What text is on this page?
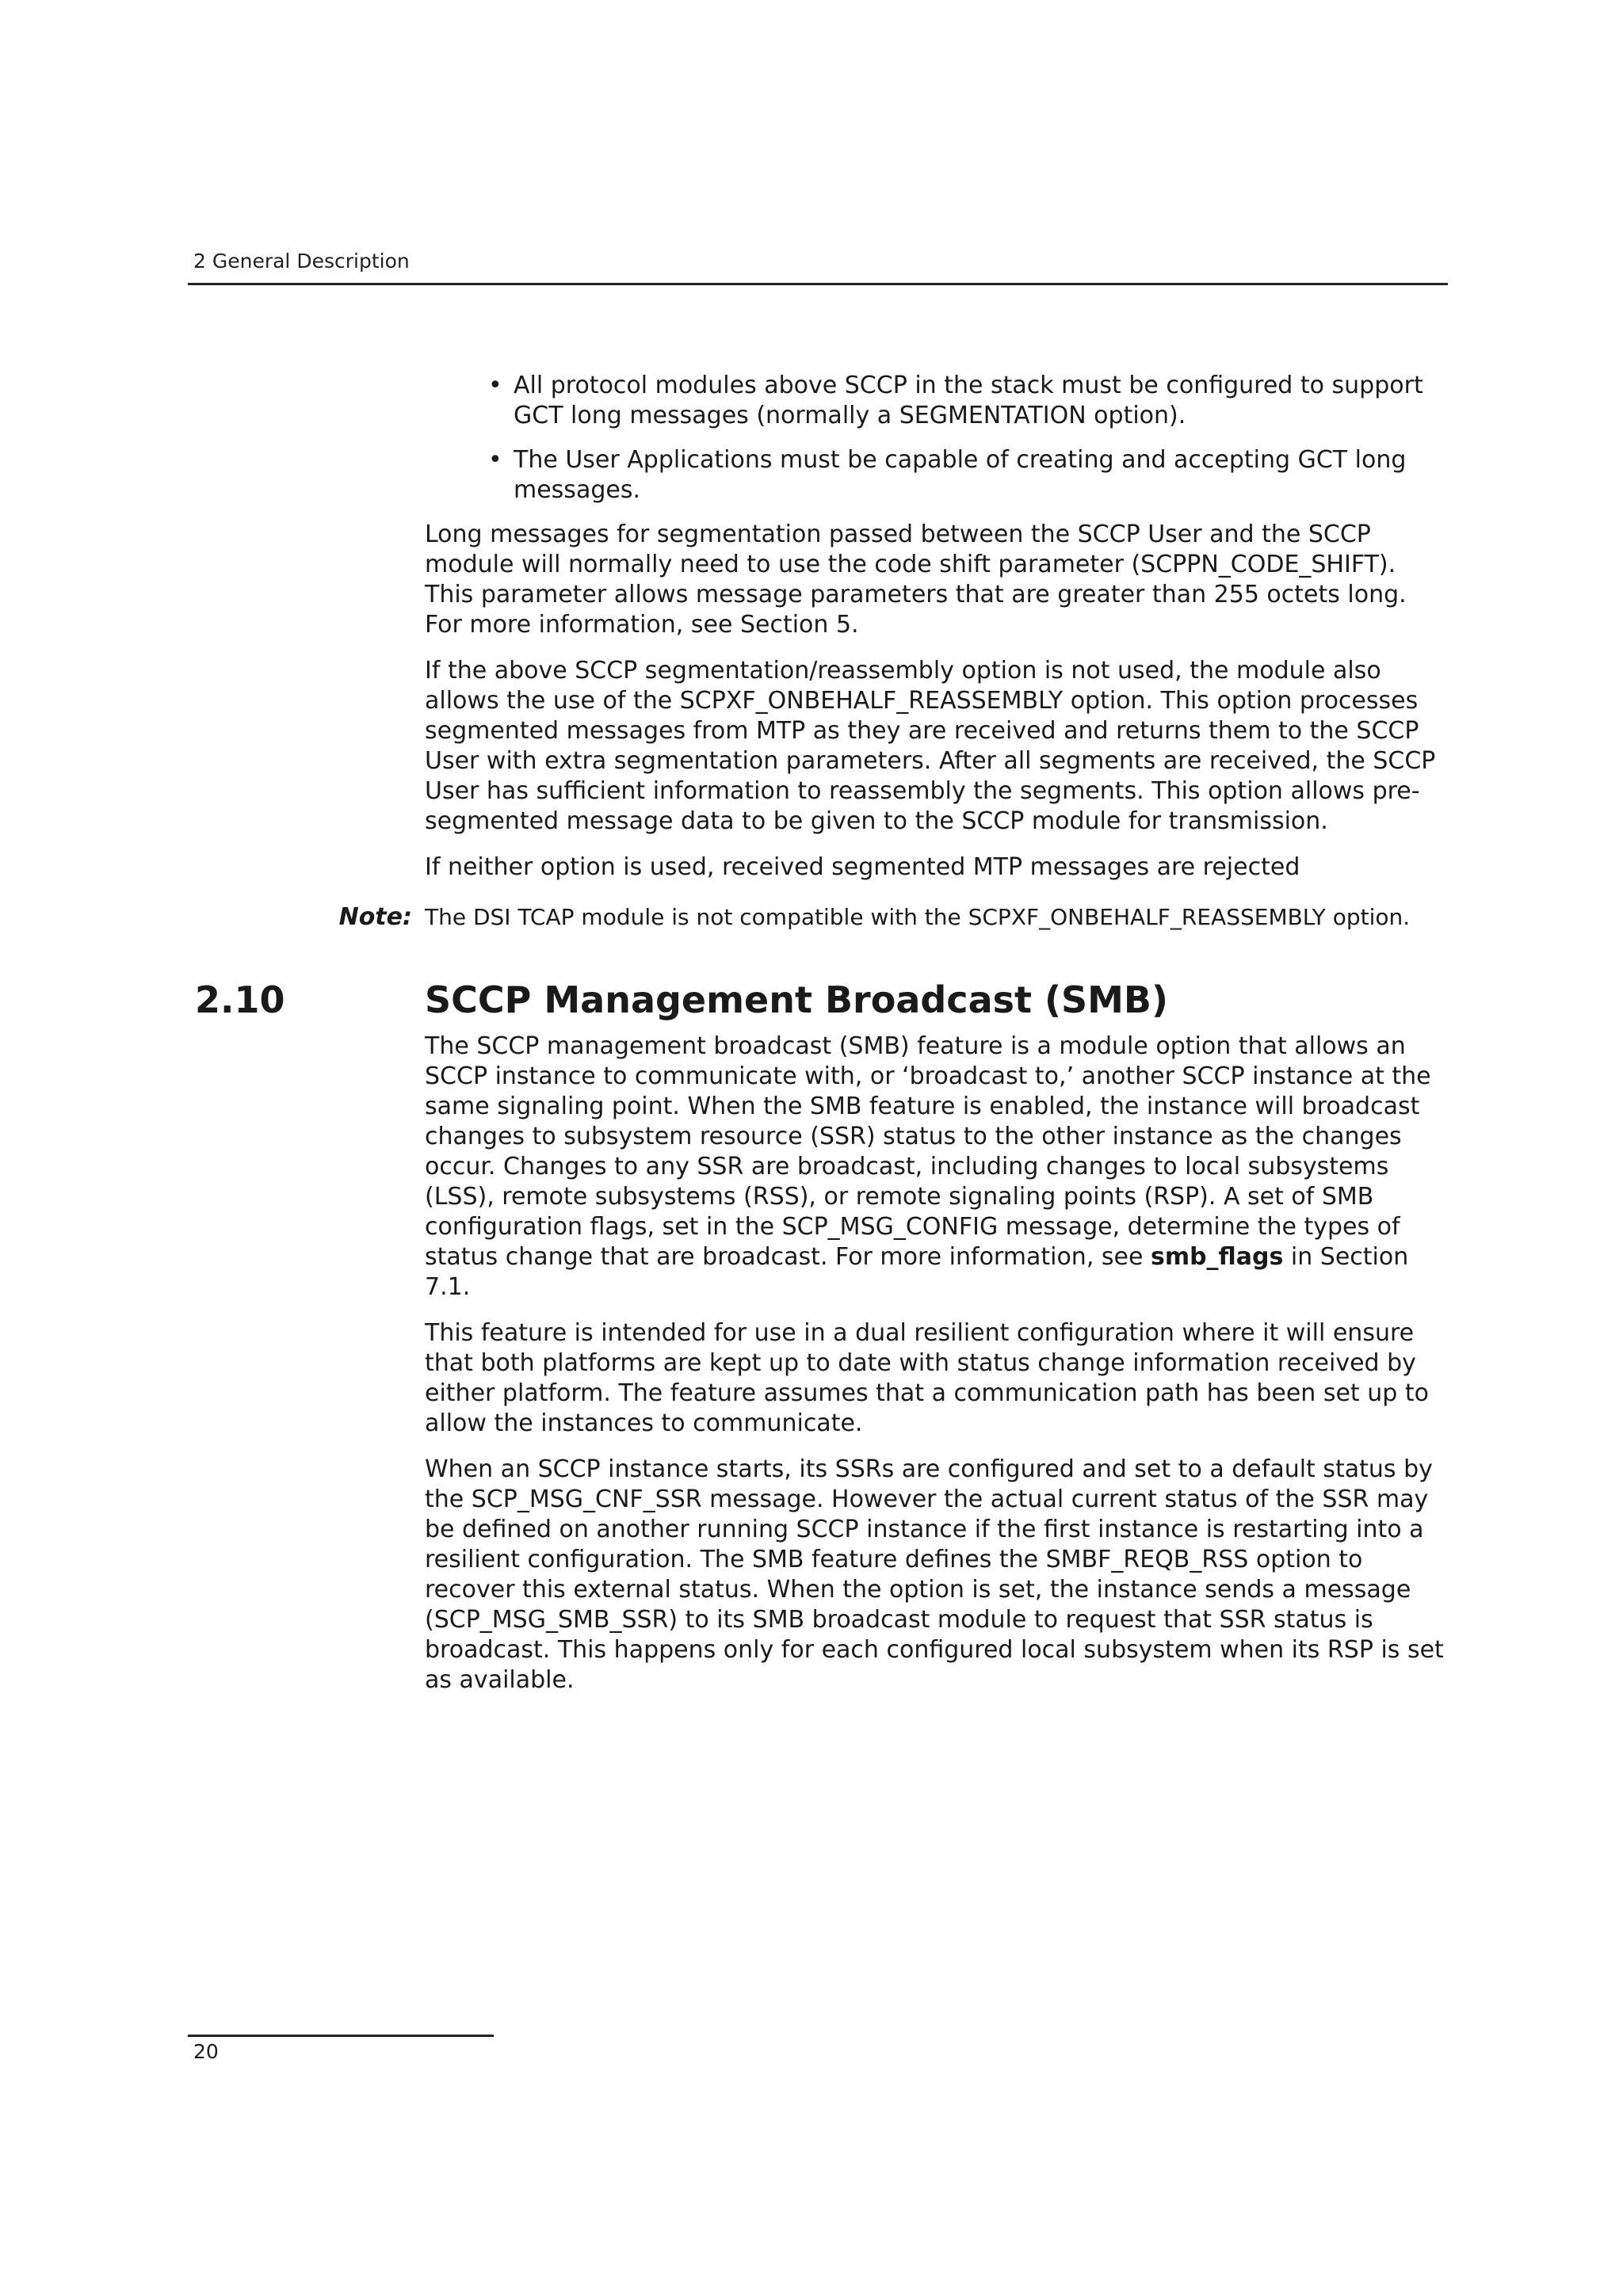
2 General Description
• All protocol modules above SCCP in the stack must be configured to support GCT long messages (normally a SEGMENTATION option).
• The User Applications must be capable of creating and accepting GCT long messages.

Long messages for segmentation passed between the SCCP User and the SCCP module will normally need to use the code shift parameter (SCPPN_CODE_SHIFT). This parameter allows message parameters that are greater than 255 octets long. For more information, see Section 5.

If the above SCCP segmentation/reassembly option is not used, the module also allows the use of the SCPXF_ONBEHALF_REASSEMBLY option. This option processes segmented messages from MTP as they are received and returns them to the SCCP User with extra segmentation parameters. After all segments are received, the SCCP User has sufficient information to reassembly the segments. This option allows pre-segmented message data to be given to the SCCP module for transmission.

If neither option is used, received segmented MTP messages are rejected

Note: The DSI TCAP module is not compatible with the SCPXF_ONBEHALF_REASSEMBLY option.

2.10	SCCP Management Broadcast (SMB)

The SCCP management broadcast (SMB) feature is a module option that allows an SCCP instance to communicate with, or ‘broadcast to,’ another SCCP instance at the same signaling point. When the SMB feature is enabled, the instance will broadcast changes to subsystem resource (SSR) status to the other instance as the changes occur. Changes to any SSR are broadcast, including changes to local subsystems (LSS), remote subsystems (RSS), or remote signaling points (RSP). A set of SMB configuration flags, set in the SCP_MSG_CONFIG message, determine the types of status change that are broadcast. For more information, see smb_flags in Section 7.1.

This feature is intended for use in a dual resilient configuration where it will ensure that both platforms are kept up to date with status change information received by either platform. The feature assumes that a communication path has been set up to allow the instances to communicate.

When an SCCP instance starts, its SSRs are configured and set to a default status by the SCP_MSG_CNF_SSR message. However the actual current status of the SSR may be defined on another running SCCP instance if the first instance is restarting into a resilient configuration. The SMB feature defines the SMBF_REQB_RSS option to recover this external status. When the option is set, the instance sends a message (SCP_MSG_SMB_SSR) to its SMB broadcast module to request that SSR status is broadcast. This happens only for each configured local subsystem when its RSP is set as available.

20
